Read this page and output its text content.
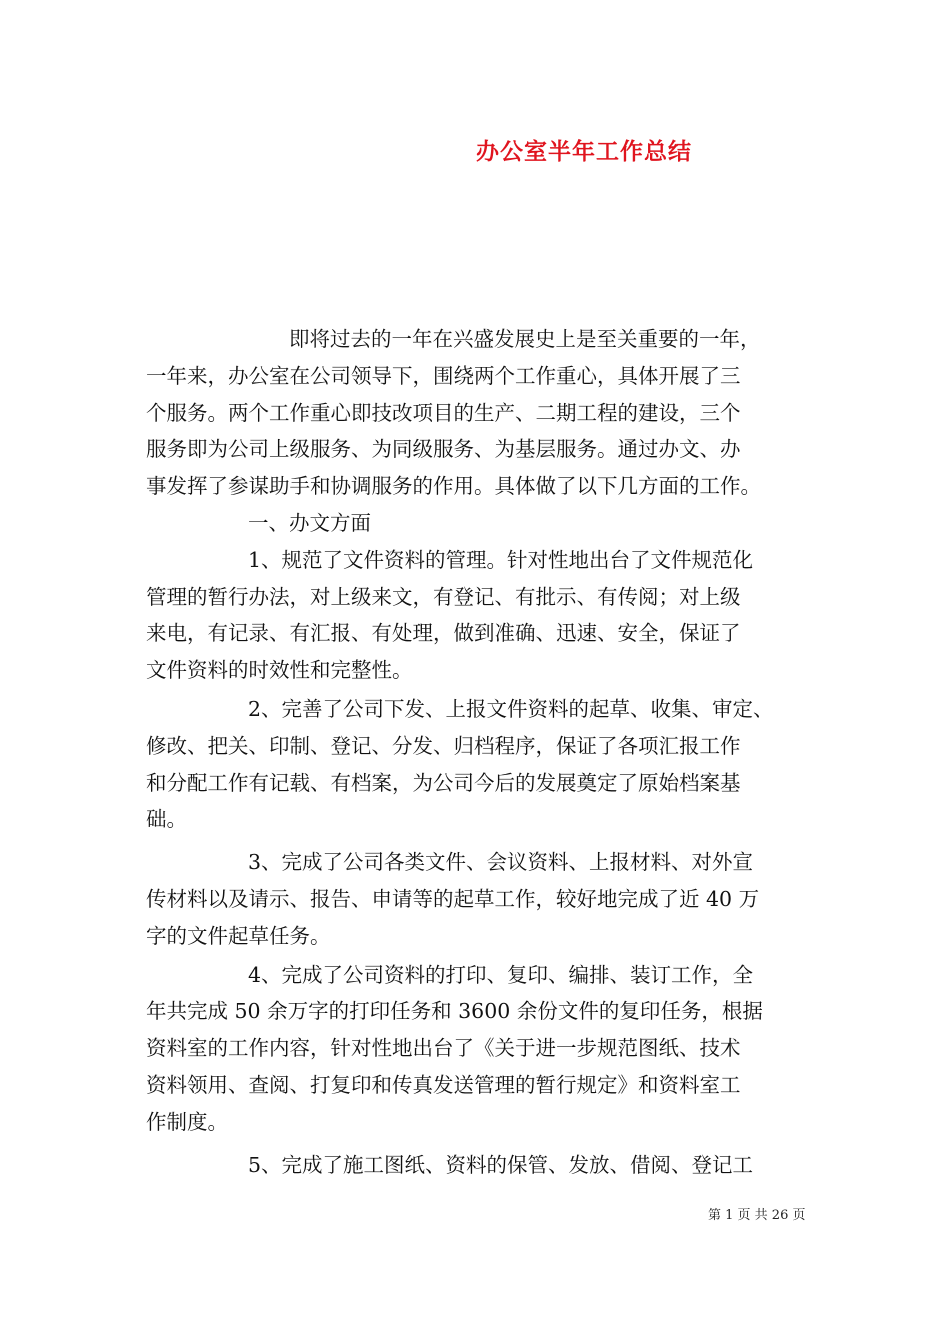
办公室半年工作总结

即将过去的一年在兴盛发展史上是至关重要的一年，
一年来，办公室在公司领导下，围绕两个工作重心，具体开展了三
个服务。两个工作重心即技改项目的生产、二期工程的建设，三个
服务即为公司上级服务、为同级服务、为基层服务。通过办文、办
事发挥了参谋助手和协调服务的作用。具体做了以下几方面的工作。

一、办文方面

1、规范了文件资料的管理。针对性地出台了文件规范化
管理的暂行办法，对上级来文，有登记、有批示、有传阅；对上级
来电，有记录、有汇报、有处理，做到准确、迅速、安全，保证了
文件资料的时效性和完整性。

2、完善了公司下发、上报文件资料的起草、收集、审定、
修改、把关、印制、登记、分发、归档程序，保证了各项汇报工作
和分配工作有记载、有档案，为公司今后的发展奠定了原始档案基
础。

3、完成了公司各类文件、会议资料、上报材料、对外宣
传材料以及请示、报告、申请等的起草工作，较好地完成了近 40 万
字的文件起草任务。

4、完成了公司资料的打印、复印、编排、装订工作，全
年共完成 50 余万字的打印任务和 3600 余份文件的复印任务，根据
资料室的工作内容，针对性地出台了《关于进一步规范图纸、技术
资料领用、查阅、打复印和传真发送管理的暂行规定》和资料室工
作制度。

5、完成了施工图纸、资料的保管、发放、借阅、登记工

第 1 页 共 26 页
